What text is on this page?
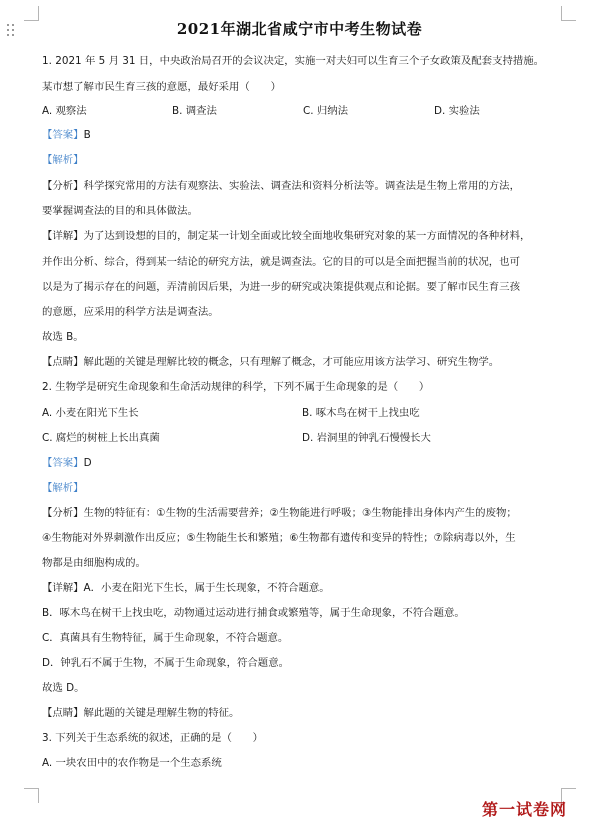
2021年湖北省咸宁市中考生物试卷
1. 2021 年 5 月 31 日，中央政治局召开的会议决定，实施一对夫妇可以生育三个子女政策及配套支持措施。
某市想了解市民生育三孩的意愿，最好采用（　　）
A. 观察法	B. 调查法	C. 归纳法	D. 实验法
【答案】B
【解析】
【分析】科学探究常用的方法有观察法、实验法、调查法和资料分析法等。调查法是生物上常用的方法，
要掌握调查法的目的和具体做法。
【详解】为了达到设想的目的，制定某一计划全面或比较全面地收集研究对象的某一方面情况的各种材料，
并作出分析、综合，得到某一结论的研究方法，就是调查法。它的目的可以是全面把握当前的状况，也可
以是为了揭示存在的问题，弄清前因后果，为进一步的研究或决策提供观点和论据。要了解市民生育三孩
的意愿，应采用的科学方法是调查法。
故选 B。
【点睛】解此题的关键是理解比较的概念，只有理解了概念，才可能应用该方法学习、研究生物学。
2. 生物学是研究生命现象和生命活动规律的科学，下列不属于生命现象的是（　　）
A. 小麦在阳光下生长	B. 啄木鸟在树干上找虫吃
C. 腐烂的树桩上长出真菌	D. 岩洞里的钟乳石慢慢长大
【答案】D
【解析】
【分析】生物的特征有：①生物的生活需要营养；②生物能进行呼吸；③生物能排出身体内产生的废物；
④生物能对外界刺激作出反应；⑤生物能生长和繁殖；⑥生物都有遗传和变异的特性；⑦除病毒以外，生
物都是由细胞构成的。
【详解】A．小麦在阳光下生长，属于生长现象，不符合题意。
B．啄木鸟在树干上找虫吃，动物通过运动进行捕食或繁殖等，属于生命现象，不符合题意。
C．真菌具有生物特征，属于生命现象，不符合题意。
D．钟乳石不属于生物，不属于生命现象，符合题意。
故选 D。
【点睛】解此题的关键是理解生物的特征。
3. 下列关于生态系统的叙述，正确的是（　　）
A. 一块农田中的农作物是一个生态系统
第一试卷网
